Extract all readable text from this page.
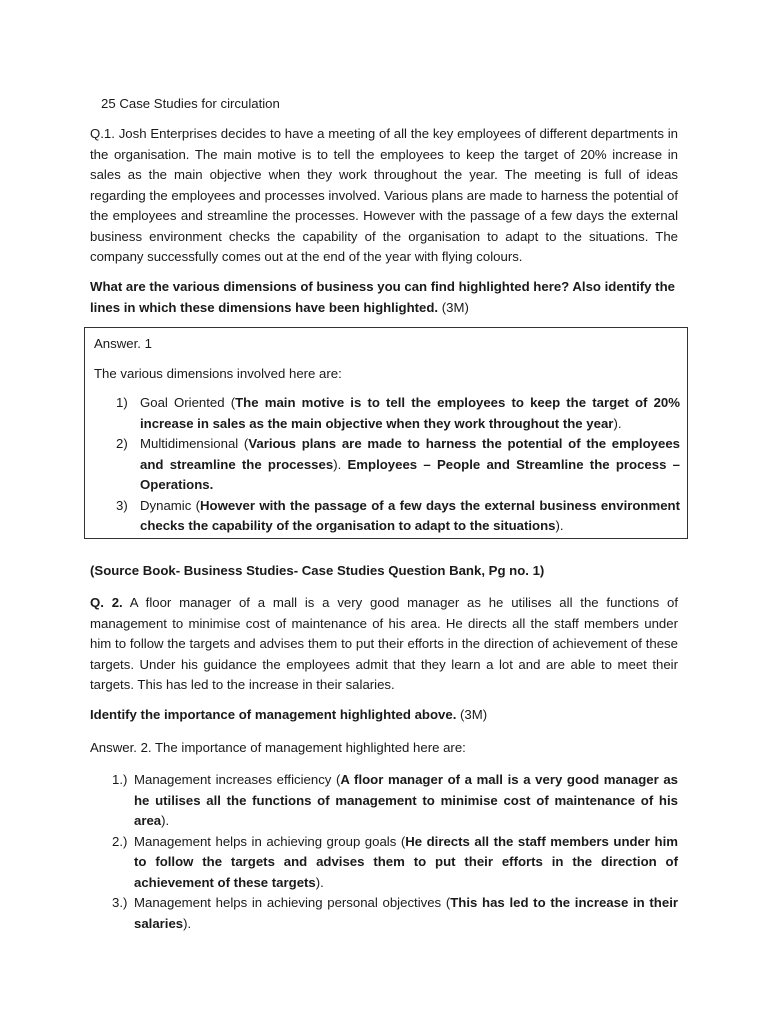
25 Case Studies for circulation

Q.1. Josh Enterprises decides to have a meeting of all the key employees of different departments in the organisation. The main motive is to tell the employees to keep the target of 20% increase in sales as the main objective when they work throughout the year. The meeting is full of ideas regarding the employees and processes involved. Various plans are made to harness the potential of the employees and streamline the processes. However with the passage of a few days the external business environment checks the capability of the organisation to adapt to the situations. The company successfully comes out at the end of the year with flying colours.

What are the various dimensions of business you can find highlighted here? Also identify the lines in which these dimensions have been highlighted. (3M)

Answer. 1

The various dimensions involved here are:

1) Goal Oriented (The main motive is to tell the employees to keep the target of 20% increase in sales as the main objective when they work throughout the year).
2) Multidimensional (Various plans are made to harness the potential of the employees and streamline the processes). Employees – People and Streamline the process – Operations.
3) Dynamic (However with the passage of a few days the external business environment checks the capability of the organisation to adapt to the situations).

(Source Book- Business Studies- Case Studies Question Bank, Pg no. 1)

Q. 2. A floor manager of a mall is a very good manager as he utilises all the functions of management to minimise cost of maintenance of his area. He directs all the staff members under him to follow the targets and advises them to put their efforts in the direction of achievement of these targets. Under his guidance the employees admit that they learn a lot and are able to meet their targets. This has led to the increase in their salaries.

Identify the importance of management highlighted above. (3M)

Answer. 2. The importance of management highlighted here are:

1.) Management increases efficiency (A floor manager of a mall is a very good manager as he utilises all the functions of management to minimise cost of maintenance of his area).
2.) Management helps in achieving group goals (He directs all the staff members under him to follow the targets and advises them to put their efforts in the direction of achievement of these targets).
3.) Management helps in achieving personal objectives (This has led to the increase in their salaries).
